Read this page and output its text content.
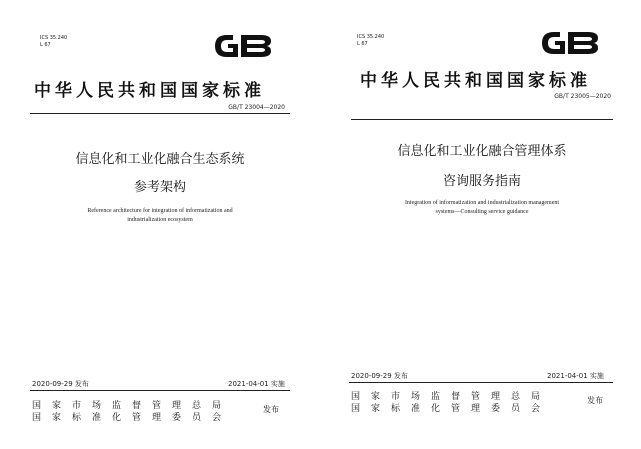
ICS 35.240
L 67
中华人民共和国国家标准
GB/T 23004—2020
信息化和工业化融合生态系统
参考架构
Reference architecture for integration of informatization and
industrialization ecosystem
2020-09-29 发布	2021-04-01 实施
国家市场监督管理总局
国家标准化管理委员会
发布
ICS 35.240
L 67
中华人民共和国国家标准
GB/T 23005—2020
信息化和工业化融合管理体系
咨询服务指南
Integration of informatization and industrialization management
systems—Consulting service guidance
2020-09-29 发布	2021-04-01 实施
国家市场监督管理总局
国家标准化管理委员会
发布
